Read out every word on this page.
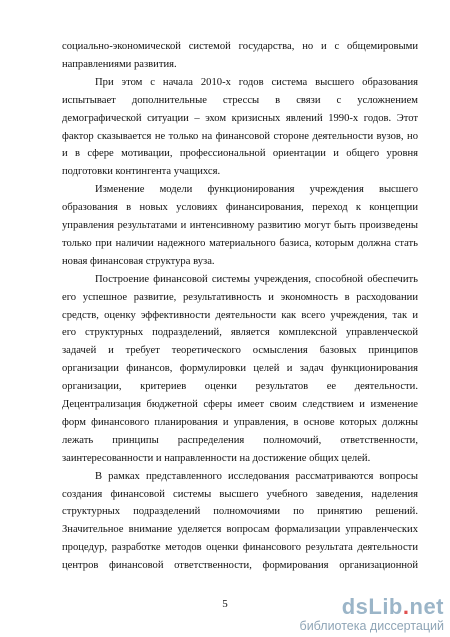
социально-экономической системой государства, но и с общемировыми
направлениями развития.
При этом с начала 2010-х годов система высшего образования
испытывает дополнительные стрессы в связи с усложнением
демографической ситуации – эхом кризисных явлений 1990-х годов. Этот
фактор сказывается не только на финансовой стороне деятельности вузов, но
и в сфере мотивации, профессиональной ориентации и общего уровня
подготовки контингента учащихся.
Изменение модели функционирования учреждения высшего
образования в новых условиях финансирования, переход к концепции
управления результатами и интенсивному развитию могут быть произведены
только при наличии надежного материального базиса, которым должна стать
новая финансовая структура вуза.
Построение финансовой системы учреждения, способной обеспечить
его успешное развитие, результативность и экономность в расходовании
средств, оценку эффективности деятельности как всего учреждения, так и
его структурных подразделений, является комплексной управленческой
задачей и требует теоретического осмысления базовых принципов
организации финансов, формулировки целей и задач функционирования
организации, критериев оценки результатов ее деятельности.
Децентрализация бюджетной сферы имеет своим следствием и изменение
форм финансового планирования и управления, в основе которых должны
лежать принципы распределения полномочий, ответственности,
заинтересованности и направленности на достижение общих целей.
В рамках представленного исследования рассматриваются вопросы
создания финансовой системы высшего учебного заведения, наделения
структурных подразделений полномочиями по принятию решений.
Значительное внимание уделяется вопросам формализации управленческих
процедур, разработке методов оценки финансового результата деятельности
центров финансовой ответственности, формирования организационной
5	dsLib.net
библиотека диссертаций
